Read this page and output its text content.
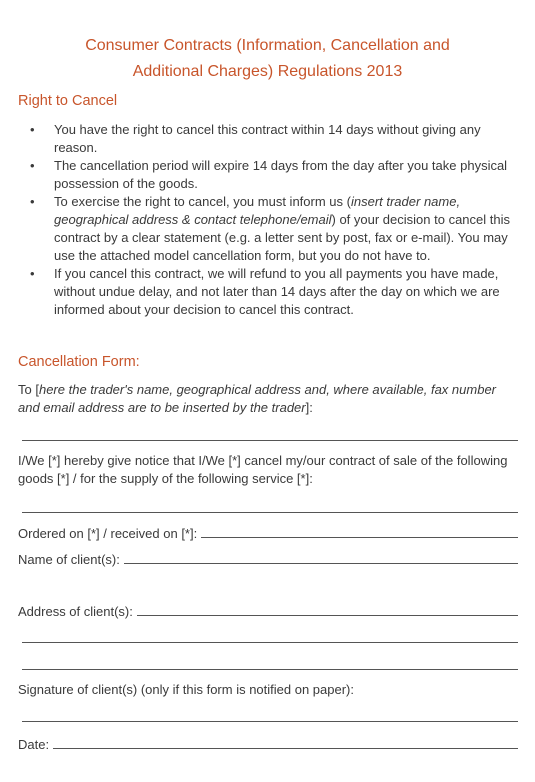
Consumer Contracts (Information, Cancellation and
Additional Charges) Regulations 2013
Right to Cancel
• You have the right to cancel this contract within 14 days without giving any reason.
• The cancellation period will expire 14 days from the day after you take physical possession of the goods.
• To exercise the right to cancel, you must inform us (insert trader name, geographical address & contact telephone/email) of your decision to cancel this contract by a clear statement (e.g. a letter sent by post, fax or e-mail). You may use the attached model cancellation form, but you do not have to.
• If you cancel this contract, we will refund to you all payments you have made, without undue delay, and not later than 14 days after the day on which we are informed about your decision to cancel this contract.
Cancellation Form:
To [here the trader's name, geographical address and, where available, fax number and email address are to be inserted by the trader]:
I/We [*] hereby give notice that I/We [*] cancel my/our contract of sale of the following goods [*] / for the supply of the following service [*]:
Ordered on [*] / received on [*]:
Name of client(s):
Address of client(s):
Signature of client(s) (only if this form is notified on paper):
Date:
